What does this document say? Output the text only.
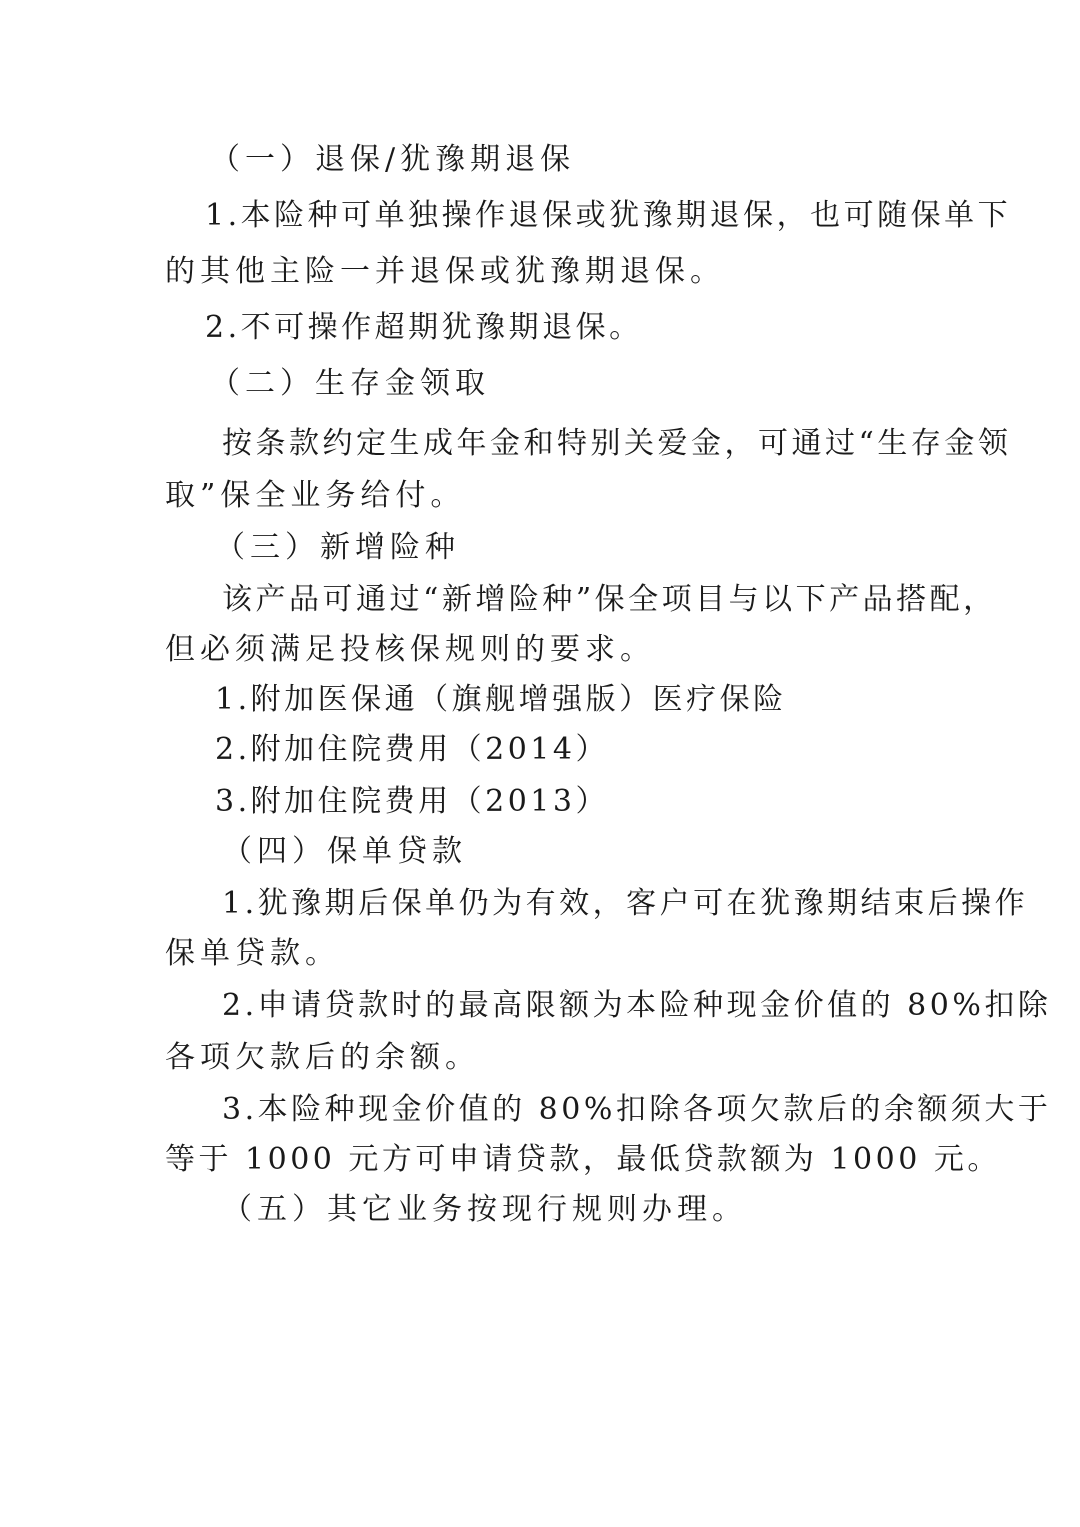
（一）退保/犹豫期退保
1.本险种可单独操作退保或犹豫期退保，也可随保单下
的其他主险一并退保或犹豫期退保。
2.不可操作超期犹豫期退保。
（二）生存金领取
按条款约定生成年金和特别关爱金，可通过“生存金领
取”保全业务给付。
（三）新增险种
该产品可通过“新增险种”保全项目与以下产品搭配，
但必须满足投核保规则的要求。
1.附加医保通（旗舰增强版）医疗保险
2.附加住院费用（2014）
3.附加住院费用（2013）
（四）保单贷款
1.犹豫期后保单仍为有效，客户可在犹豫期结束后操作
保单贷款。
2.申请贷款时的最高限额为本险种现金价值的 80%扣除
各项欠款后的余额。
3.本险种现金价值的 80%扣除各项欠款后的余额须大于
等于 1000 元方可申请贷款，最低贷款额为 1000 元。
（五）其它业务按现行规则办理。
